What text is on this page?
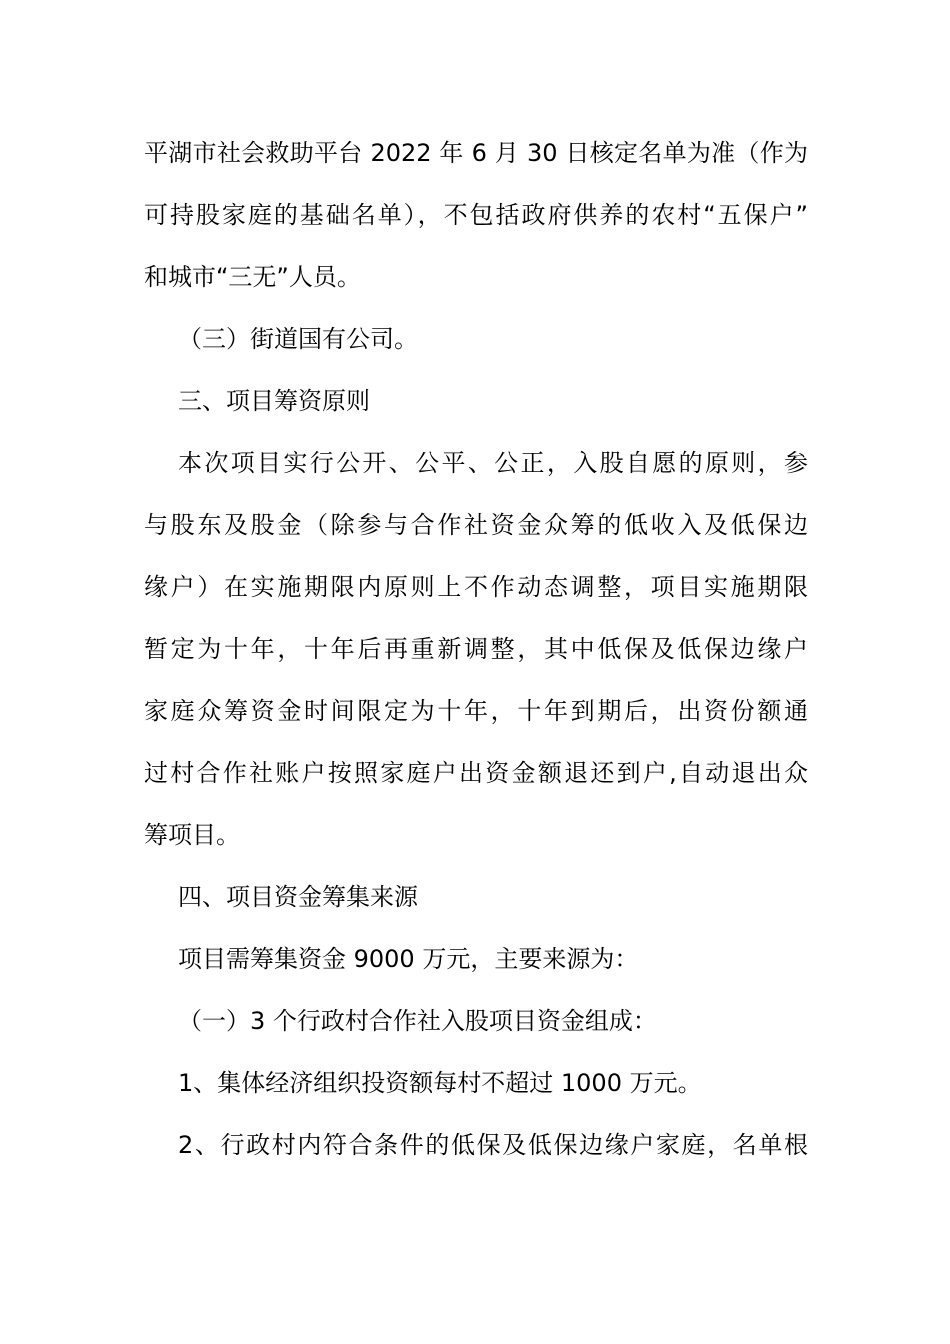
平湖市社会救助平台 2022 年 6 月 30 日核定名单为准（作为
可持股家庭的基础名单），不包括政府供养的农村“五保户”
和城市“三无”人员。
（三）街道国有公司。
三、项目筹资原则
本次项目实行公开、公平、公正，入股自愿的原则，参
与股东及股金（除参与合作社资金众筹的低收入及低保边
缘户）在实施期限内原则上不作动态调整，项目实施期限
暂定为十年，十年后再重新调整，其中低保及低保边缘户
家庭众筹资金时间限定为十年，十年到期后，出资份额通
过村合作社账户按照家庭户出资金额退还到户,自动退出众
筹项目。
四、项目资金筹集来源
项目需筹集资金 9000 万元，主要来源为：
（一）3 个行政村合作社入股项目资金组成：
1、集体经济组织投资额每村不超过 1000 万元。
2、行政村内符合条件的低保及低保边缘户家庭，名单根
